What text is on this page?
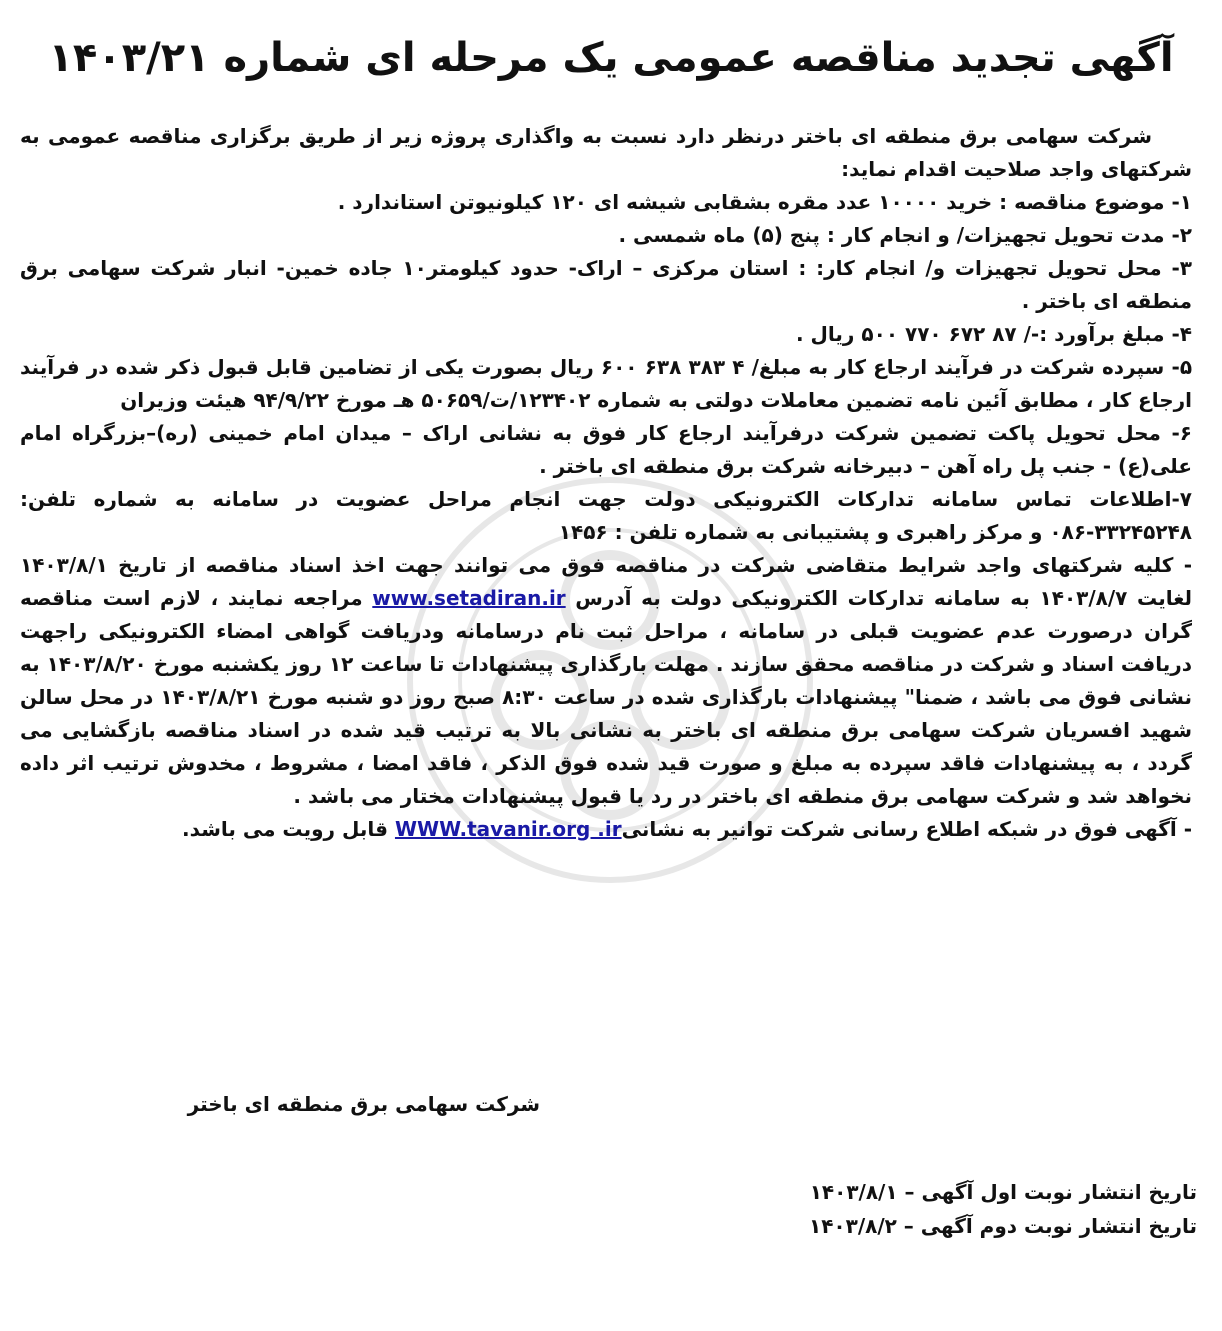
آگهی تجدید مناقصه عمومی یک مرحله ای شماره ۱۴۰۳/۲۱

شرکت سهامی برق منطقه ای باختر درنظر دارد نسبت به واگذاری پروژه زیر از طریق برگزاری مناقصه عمومی به شرکتهای واجد صلاحیت اقدام نماید:

۱- موضوع مناقصه : خرید ۱۰۰۰۰ عدد مقره بشقابی شیشه ای ۱۲۰ کیلونیوتن استاندارد .

۲- مدت تحویل تجهیزات/ و انجام کار : پنج (۵) ماه شمسی .

۳- محل تحویل تجهیزات و/ انجام کار: : استان مرکزی – اراک- حدود کیلومتر۱۰ جاده خمین- انبار شرکت سهامی برق منطقه ای باختر .

۴- مبلغ برآورد :-/ ۸۷ ۶۷۲ ۷۷۰ ۵۰۰ ریال .

۵- سپرده شرکت در فرآیند ارجاع کار به مبلغ/ ۴ ۳۸۳ ۶۳۸ ۶۰۰ ریال بصورت یکی از تضامین قابل قبول ذکر شده در فرآیند ارجاع کار ، مطابق آئین نامه تضمین معاملات دولتی به شماره ۱۲۳۴۰۲/ت/۵۰۶۵۹ هـ مورخ ۹۴/۹/۲۲ هیئت وزیران

۶- محل تحویل پاکت تضمین شرکت درفرآیند ارجاع کار فوق به نشانی اراک – میدان امام خمینی (ره)–بزرگراه امام علی(ع) - جنب پل راه آهن – دبیرخانه شرکت برق منطقه ای باختر .

۷-اطلاعات تماس سامانه تدارکات الکترونیکی دولت جهت انجام مراحل عضویت در سامانه به شماره تلفن: ۳۳۲۴۵۲۴۸-۰۸۶ و مرکز راهبری و پشتیبانی به شماره تلفن : ۱۴۵۶

- کلیه شرکتهای واجد شرایط متقاضی شرکت در مناقصه فوق می توانند جهت اخذ اسناد مناقصه از تاریخ ۱۴۰۳/۸/۱ لغایت ۱۴۰۳/۸/۷ به سامانه تدارکات الکترونیکی دولت به آدرس www.setadiran.ir مراجعه نمایند ، لازم است مناقصه گران درصورت عدم عضویت قبلی در سامانه ، مراحل ثبت نام درسامانه ودریافت گواهی امضاء الکترونیکی راجهت دریافت اسناد و شرکت در مناقصه محقق سازند . مهلت بارگذاری پیشنهادات تا ساعت ۱۲ روز یکشنبه مورخ ۱۴۰۳/۸/۲۰ به نشانی فوق می باشد ، ضمنا" پیشنهادات بارگذاری شده در ساعت ۸:۳۰ صبح روز دو شنبه مورخ ۱۴۰۳/۸/۲۱ در محل سالن شهید افسریان شرکت سهامی برق منطقه ای باختر به نشانی بالا به ترتیب قید شده در اسناد مناقصه بازگشایی می گردد ، به پیشنهادات فاقد سپرده به مبلغ و صورت قید شده فوق الذکر ، فاقد امضا ، مشروط ، مخدوش ترتیب اثر داده نخواهد شد و شرکت سهامی برق منطقه ای باختر در رد یا قبول پیشنهادات مختار می باشد .

- آگهی فوق در شبکه اطلاع رسانی شرکت توانیر به نشانیWWW.tavanir.org .ir قابل رویت می باشد.

شرکت سهامی برق منطقه ای باختر
تاریخ انتشار نوبت اول آگهی – ۱۴۰۳/۸/۱
تاریخ انتشار نوبت دوم آگهی – ۱۴۰۳/۸/۲
